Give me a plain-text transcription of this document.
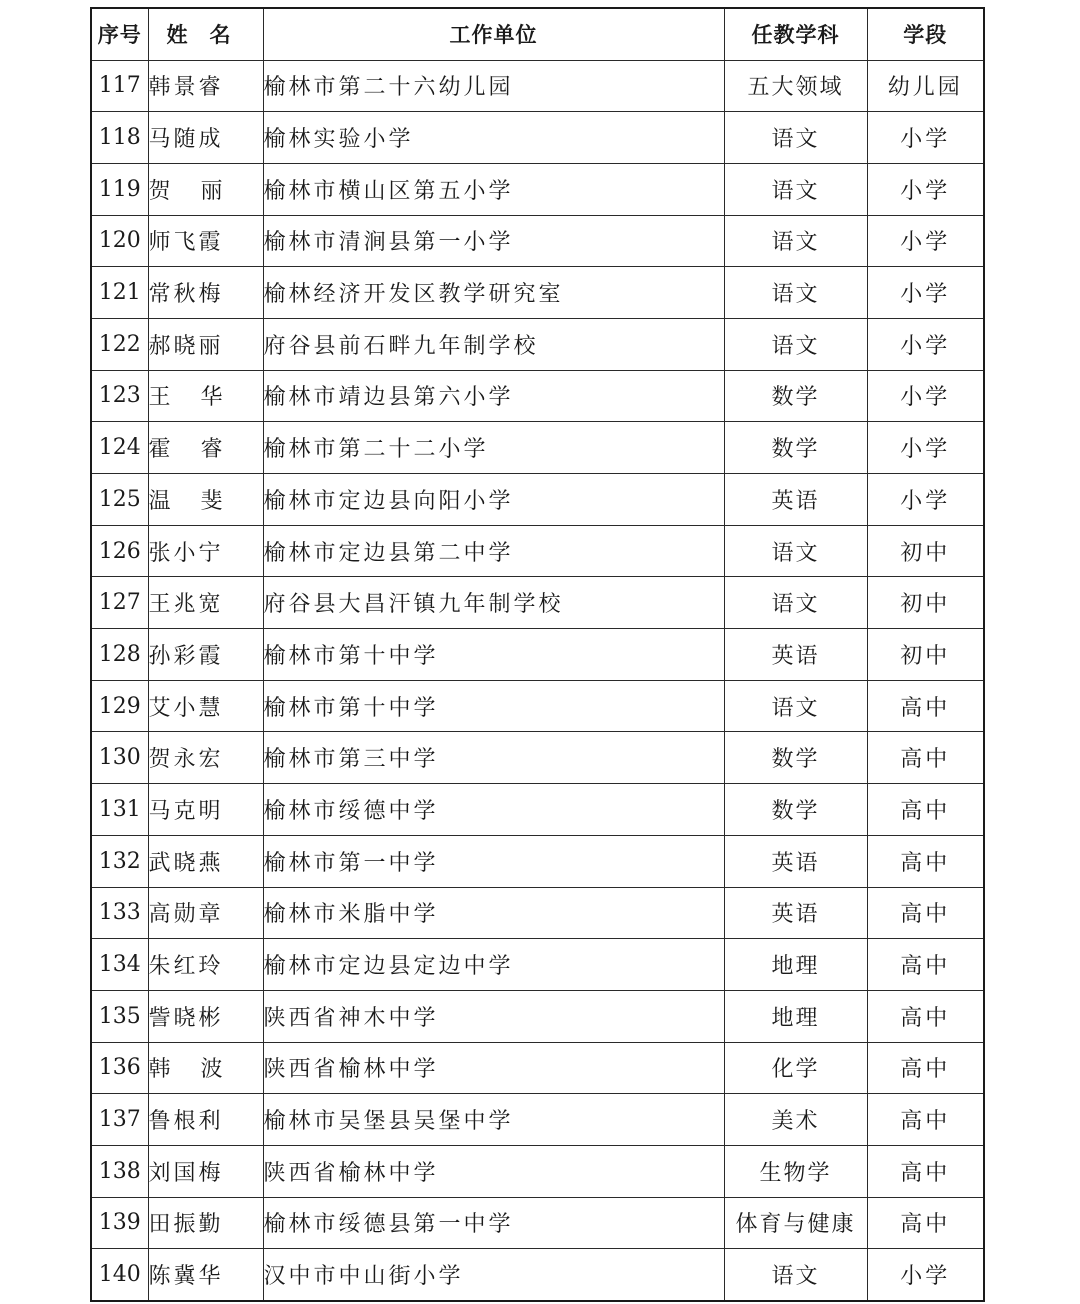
序号	姓名	工作单位	任教学科	学段
117	韩景睿	榆林市第二十六幼儿园	五大领域	幼儿园
118	马随成	榆林实验小学	语文	小学
119	贺丽	榆林市横山区第五小学	语文	小学
120	师飞霞	榆林市清涧县第一小学	语文	小学
121	常秋梅	榆林经济开发区教学研究室	语文	小学
122	郝晓丽	府谷县前石畔九年制学校	语文	小学
123	王华	榆林市靖边县第六小学	数学	小学
124	霍睿	榆林市第二十二小学	数学	小学
125	温斐	榆林市定边县向阳小学	英语	小学
126	张小宁	榆林市定边县第二中学	语文	初中
127	王兆宽	府谷县大昌汗镇九年制学校	语文	初中
128	孙彩霞	榆林市第十中学	英语	初中
129	艾小慧	榆林市第十中学	语文	高中
130	贺永宏	榆林市第三中学	数学	高中
131	马克明	榆林市绥德中学	数学	高中
132	武晓燕	榆林市第一中学	英语	高中
133	高勋章	榆林市米脂中学	英语	高中
134	朱红玲	榆林市定边县定边中学	地理	高中
135	訾晓彬	陕西省神木中学	地理	高中
136	韩波	陕西省榆林中学	化学	高中
137	鲁根利	榆林市吴堡县吴堡中学	美术	高中
138	刘国梅	陕西省榆林中学	生物学	高中
139	田振勤	榆林市绥德县第一中学	体育与健康	高中
140	陈冀华	汉中市中山街小学	语文	小学
